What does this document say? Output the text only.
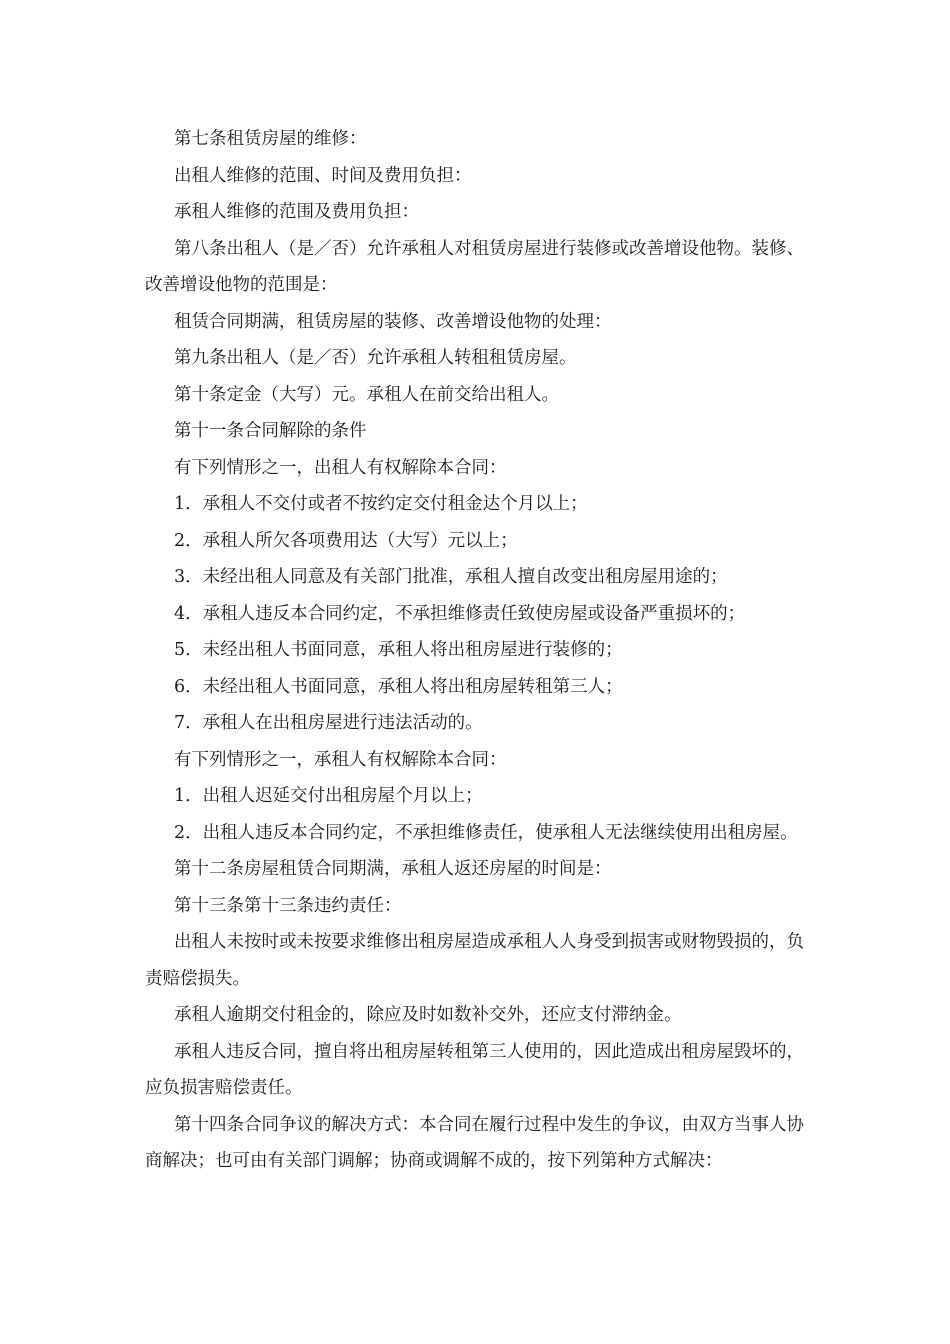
第七条租赁房屋的维修：

出租人维修的范围、时间及费用负担：

承租人维修的范围及费用负担：

第八条出租人（是／否）允许承租人对租赁房屋进行装修或改善增设他物。装修、改善增设他物的范围是：

租赁合同期满，租赁房屋的装修、改善增设他物的处理：

第九条出租人（是／否）允许承租人转租租赁房屋。

第十条定金（大写）元。承租人在前交给出租人。

第十一条合同解除的条件

有下列情形之一，出租人有权解除本合同：

1．承租人不交付或者不按约定交付租金达个月以上；

2．承租人所欠各项费用达（大写）元以上；

3．未经出租人同意及有关部门批准，承租人擅自改变出租房屋用途的；

4．承租人违反本合同约定，不承担维修责任致使房屋或设备严重损坏的；

5．未经出租人书面同意，承租人将出租房屋进行装修的；

6．未经出租人书面同意，承租人将出租房屋转租第三人；

7．承租人在出租房屋进行违法活动的。

有下列情形之一，承租人有权解除本合同：

1．出租人迟延交付出租房屋个月以上；

2．出租人违反本合同约定，不承担维修责任，使承租人无法继续使用出租房屋。

第十二条房屋租赁合同期满，承租人返还房屋的时间是：

第十三条第十三条违约责任：

出租人未按时或未按要求维修出租房屋造成承租人人身受到损害或财物毁损的，负责赔偿损失。

承租人逾期交付租金的，除应及时如数补交外，还应支付滞纳金。

承租人违反合同，擅自将出租房屋转租第三人使用的，因此造成出租房屋毁坏的，应负损害赔偿责任。

第十四条合同争议的解决方式：本合同在履行过程中发生的争议，由双方当事人协商解决；也可由有关部门调解；协商或调解不成的，按下列第种方式解决：
